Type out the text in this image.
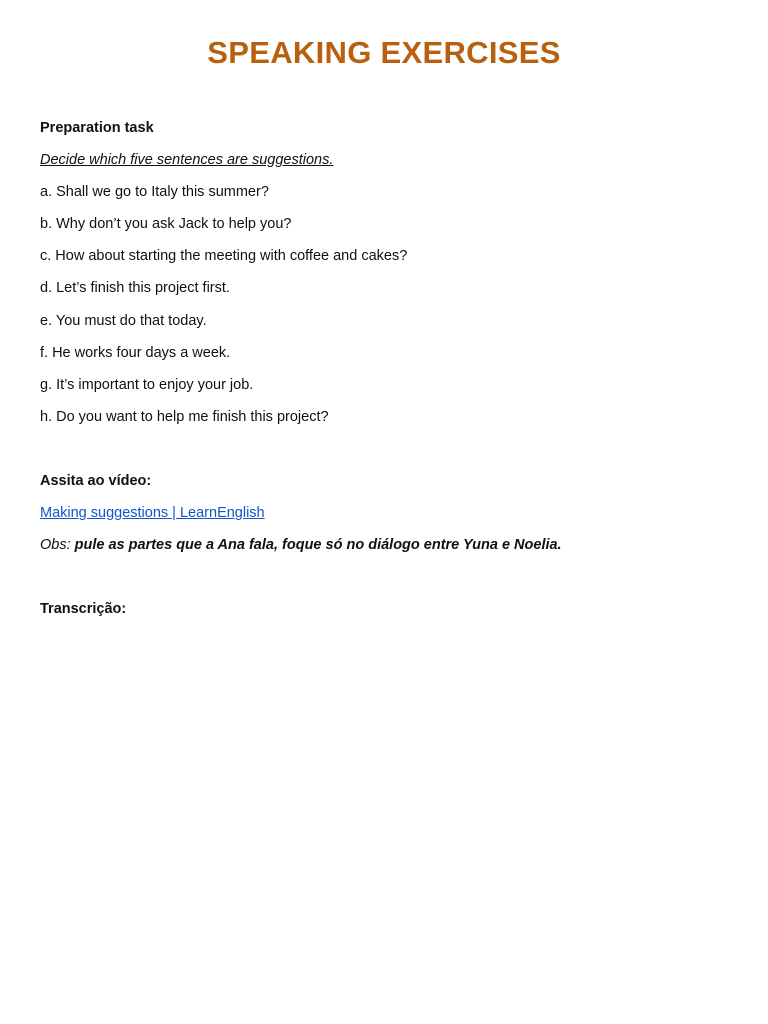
SPEAKING EXERCISES

Preparation task

Decide which five sentences are suggestions.

a. Shall we go to Italy this summer?

b. Why don’t you ask Jack to help you?

c. How about starting the meeting with coffee and cakes?

d. Let’s finish this project first.

e. You must do that today.

f. He works four days a week.

g. It’s important to enjoy your job.

h. Do you want to help me finish this project?

Assita ao vídeo:

Making suggestions | LearnEnglish

Obs: pule as partes que a Ana fala, foque só no diálogo entre Yuna e Noelia.

Transcrição:
